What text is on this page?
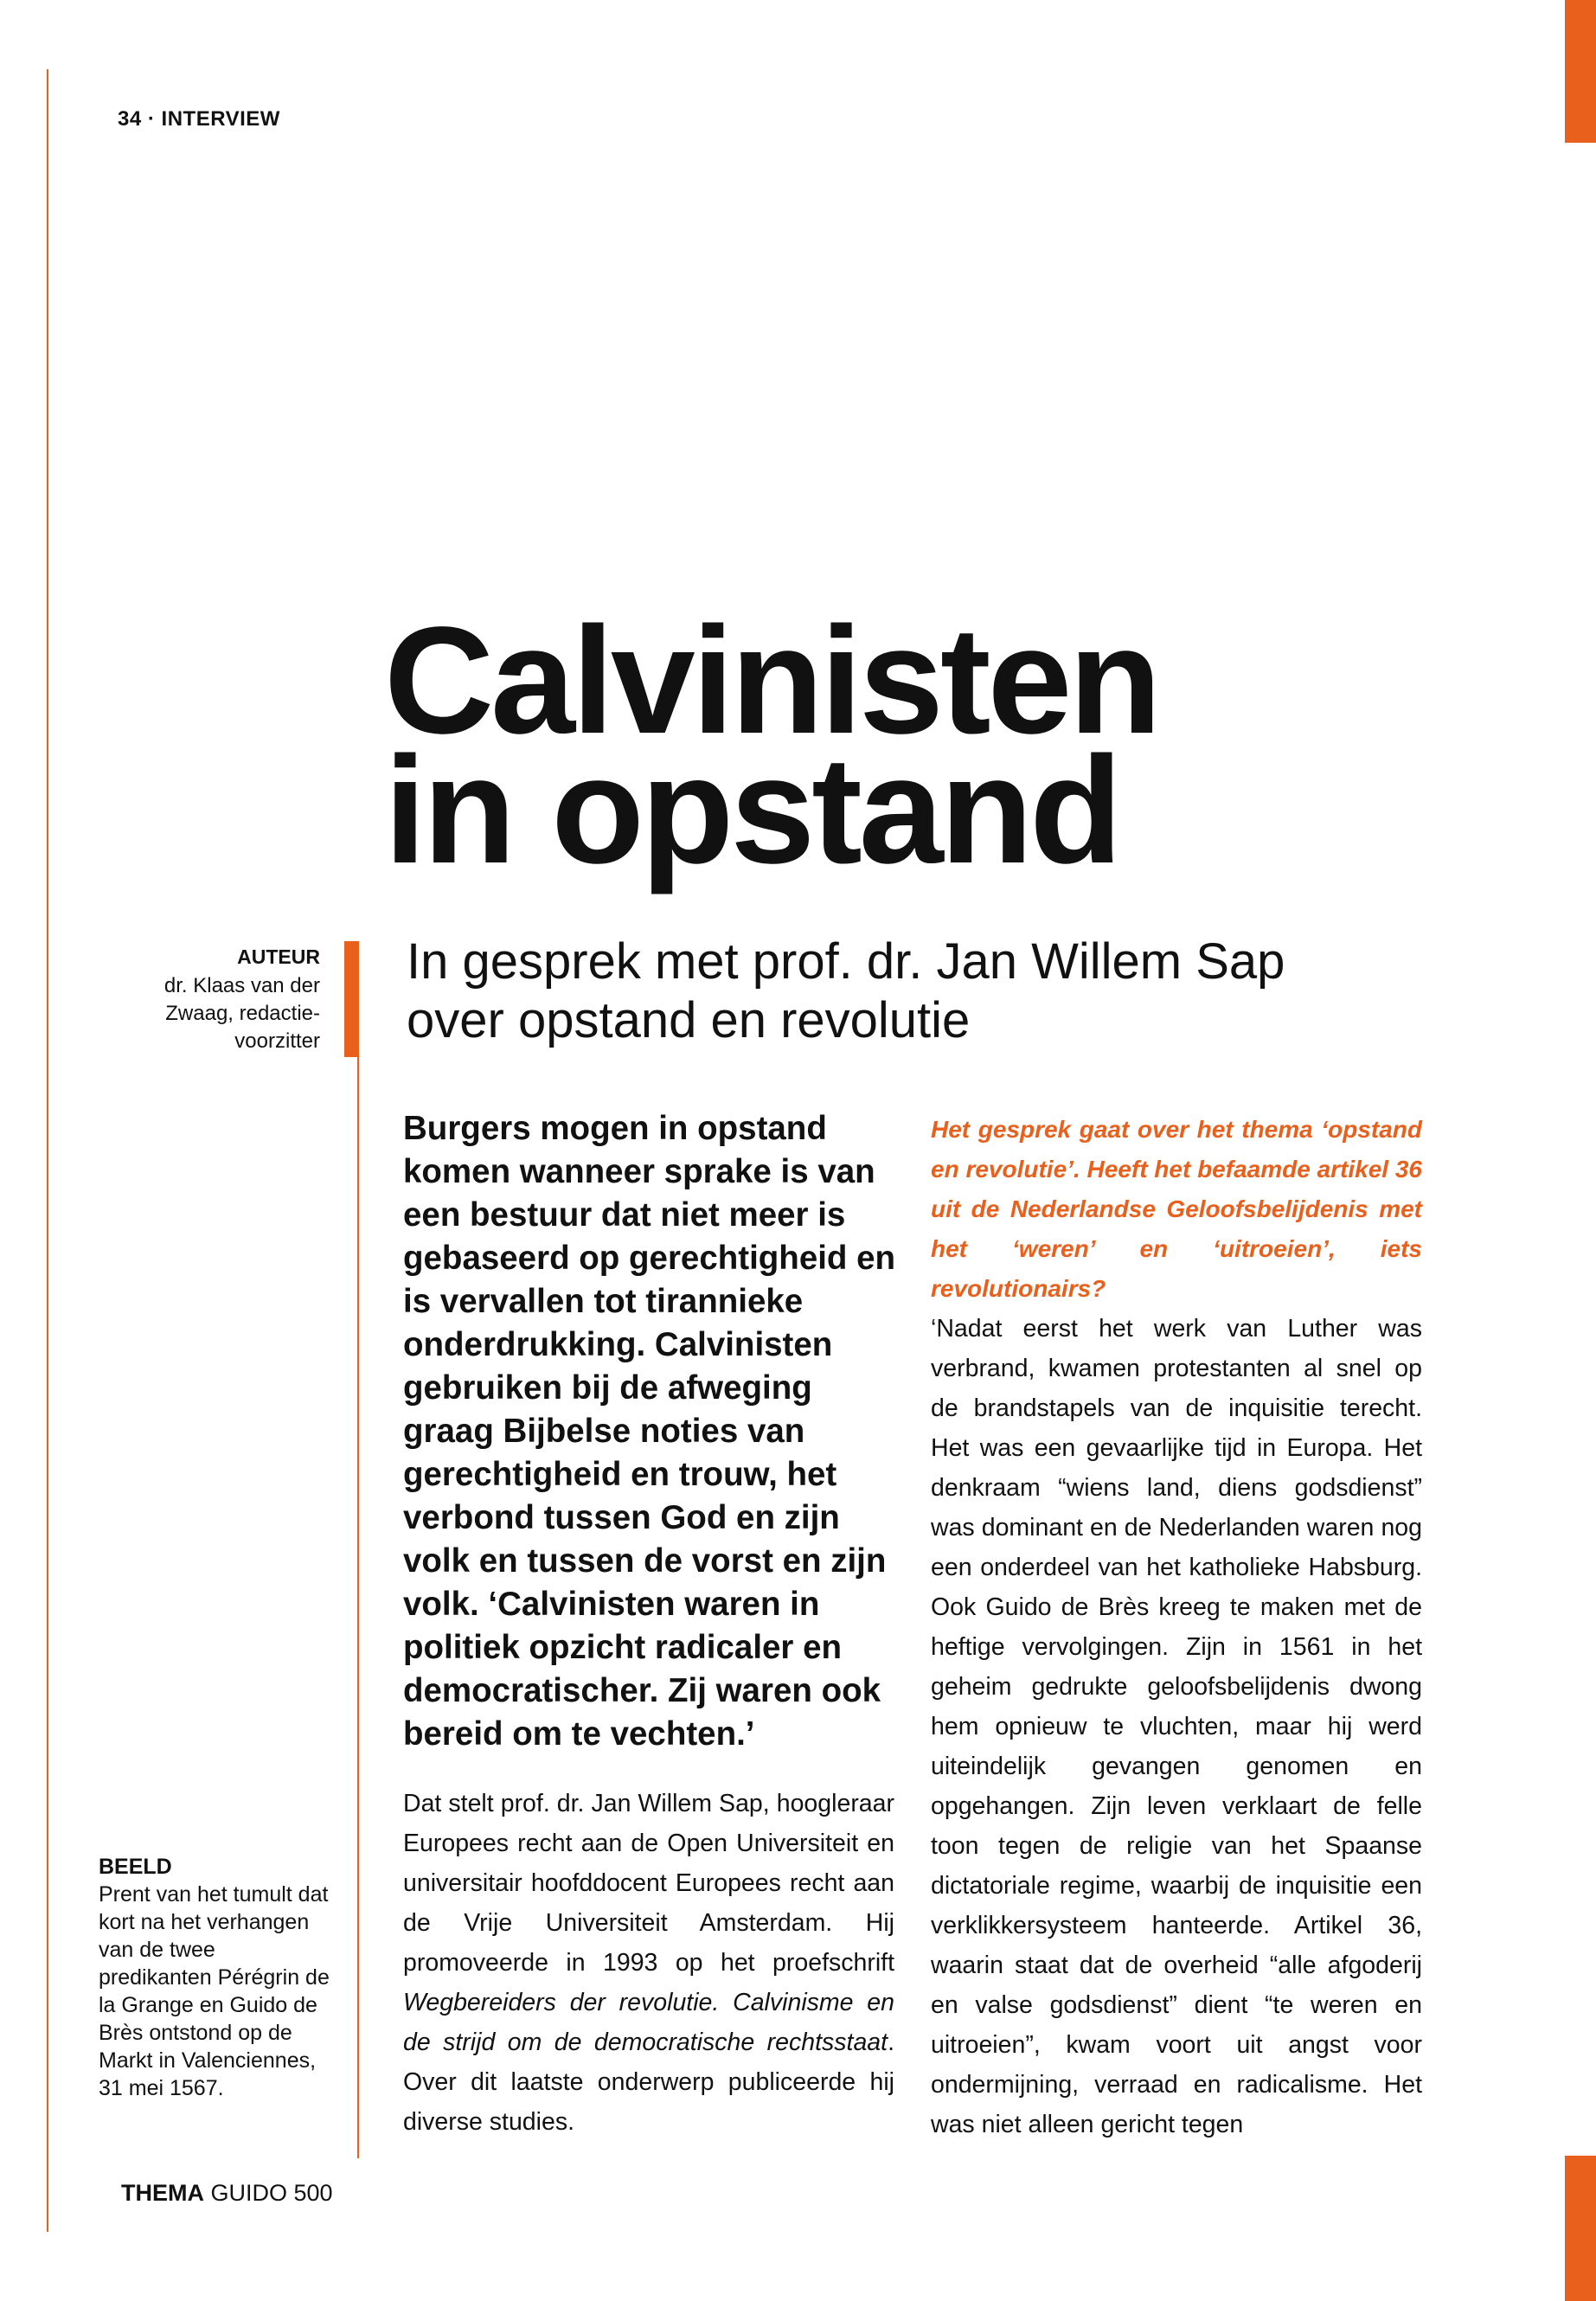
34 · INTERVIEW
Calvinisten
in opstand
In gesprek met prof. dr. Jan Willem Sap over opstand en revolutie
AUTEUR
dr. Klaas van der Zwaag, redactie-voorzitter
BEELD
Prent van het tumult dat kort na het verhangen van de twee predikanten Pérégrin de la Grange en Guido de Brès ontstond op de Markt in Valenciennes, 31 mei 1567.

Burgers mogen in opstand komen wanneer sprake is van een bestuur dat niet meer is gebaseerd op gerechtigheid en is vervallen tot tirannieke onderdrukking. Calvinisten gebruiken bij de afweging graag Bijbelse noties van gerechtigheid en trouw, het verbond tussen God en zijn volk en tussen de vorst en zijn volk. ‘Calvinisten waren in politiek opzicht radicaler en democratischer. Zij waren ook bereid om te vechten.’

Dat stelt prof. dr. Jan Willem Sap, hoogleraar Europees recht aan de Open Universiteit en universitair hoofddocent Europees recht aan de Vrije Universiteit Amsterdam. Hij promoveerde in 1993 op het proefschrift Wegbereiders der revolutie. Calvinisme en de strijd om de democratische rechtsstaat. Over dit laatste onderwerp publiceerde hij diverse studies.

Het gesprek gaat over het thema ‘opstand en revolutie’. Heeft het befaamde artikel 36 uit de Nederlandse Geloofsbelijdenis met het ‘weren’ en ‘uitroeien’, iets revolutionairs?

‘Nadat eerst het werk van Luther was verbrand, kwamen protestanten al snel op de brandstapels van de inquisitie terecht. Het was een gevaarlijke tijd in Europa. Het denkraam “wiens land, diens godsdienst” was dominant en de Nederlanden waren nog een onderdeel van het katholieke Habsburg. Ook Guido de Brès kreeg te maken met de heftige vervolgingen. Zijn in 1561 in het geheim gedrukte geloofsbelijdenis dwong hem opnieuw te vluchten, maar hij werd uiteindelijk gevangen genomen en opgehangen. Zijn leven verklaart de felle toon tegen de religie van het Spaanse dictatoriale regime, waarbij de inquisitie een verklikkersysteem hanteerde. Artikel 36, waarin staat dat de overheid “alle afgoderij en valse godsdienst” dient “te weren en uitroeien”, kwam voort uit angst voor ondermijning, verraad en radicalisme. Het was niet alleen gericht tegen

THEMA GUIDO 500
